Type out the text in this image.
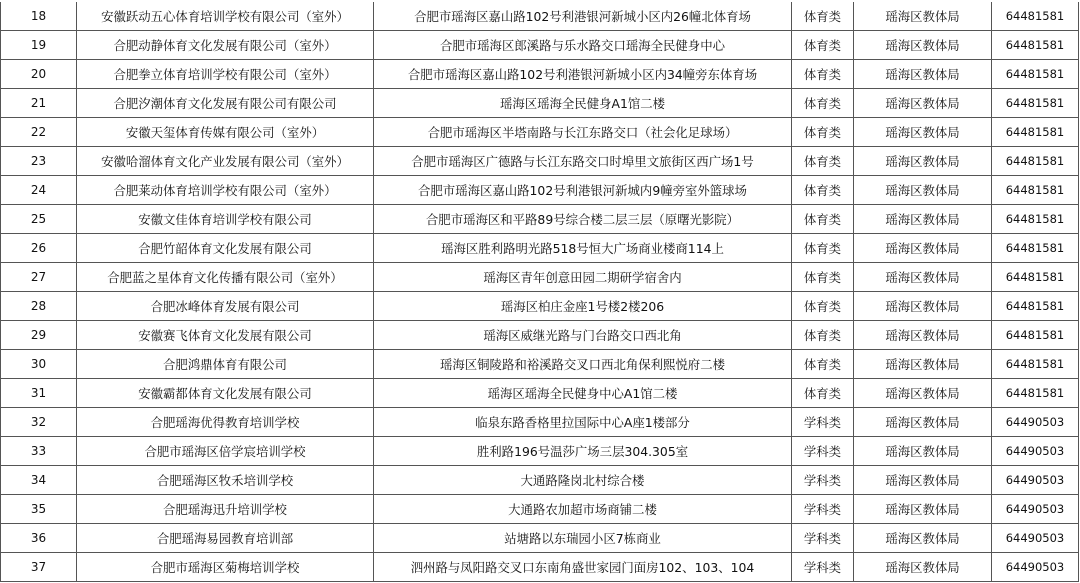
18	安徽跃动五心体育培训学校有限公司（室外）	合肥市瑶海区嘉山路102号利港银河新城小区内26幢北体育场	体育类	瑶海区教体局	64481581
19	合肥动静体育文化发展有限公司（室外）	合肥市瑶海区郎溪路与乐水路交口瑶海全民健身中心	体育类	瑶海区教体局	64481581
20	合肥拳立体育培训学校有限公司（室外）	合肥市瑶海区嘉山路102号利港银河新城小区内34幢旁东体育场	体育类	瑶海区教体局	64481581
21	合肥汐潮体育文化发展有限公司有限公司	瑶海区瑶海全民健身A1馆二楼	体育类	瑶海区教体局	64481581
22	安徽天玺体育传媒有限公司（室外）	合肥市瑶海区半塔南路与长江东路交口（社会化足球场）	体育类	瑶海区教体局	64481581
23	安徽哈溜体育文化产业发展有限公司（室外）	合肥市瑶海区广德路与长江东路交口时埠里文旅街区西广场1号	体育类	瑶海区教体局	64481581
24	合肥莱动体育培训学校有限公司（室外）	合肥市瑶海区嘉山路102号利港银河新城内9幢旁室外篮球场	体育类	瑶海区教体局	64481581
25	安徽文佳体育培训学校有限公司	合肥市瑶海区和平路89号综合楼二层三层（原曙光影院）	体育类	瑶海区教体局	64481581
26	合肥竹韶体育文化发展有限公司	瑶海区胜利路明光路518号恒大广场商业楼商114上	体育类	瑶海区教体局	64481581
27	合肥蓝之星体育文化传播有限公司（室外）	瑶海区青年创意田园二期研学宿舍内	体育类	瑶海区教体局	64481581
28	合肥冰峰体育发展有限公司	瑶海区柏庄金座1号楼2楼206	体育类	瑶海区教体局	64481581
29	安徽赛飞体育文化发展有限公司	瑶海区威继光路与门台路交口西北角	体育类	瑶海区教体局	64481581
30	合肥鸿鼎体育有限公司	瑶海区铜陵路和裕溪路交叉口西北角保利熙悦府二楼	体育类	瑶海区教体局	64481581
31	安徽霸都体育文化发展有限公司	瑶海区瑶海全民健身中心A1馆二楼	体育类	瑶海区教体局	64481581
32	合肥瑶海优得教育培训学校	临泉东路香格里拉国际中心A座1楼部分	学科类	瑶海区教体局	64490503
33	合肥市瑶海区倍学宸培训学校	胜利路196号温莎广场三层304.305室	学科类	瑶海区教体局	64490503
34	合肥瑶海区牧禾培训学校	大通路隆岗北村综合楼	学科类	瑶海区教体局	64490503
35	合肥瑶海迅升培训学校	大通路农加超市场商铺二楼	学科类	瑶海区教体局	64490503
36	合肥瑶海易园教育培训部	站塘路以东瑞园小区7栋商业	学科类	瑶海区教体局	64490503
37	合肥市瑶海区菊梅培训学校	泗州路与凤阳路交叉口东南角盛世家园门面房102、103、104	学科类	瑶海区教体局	64490503
